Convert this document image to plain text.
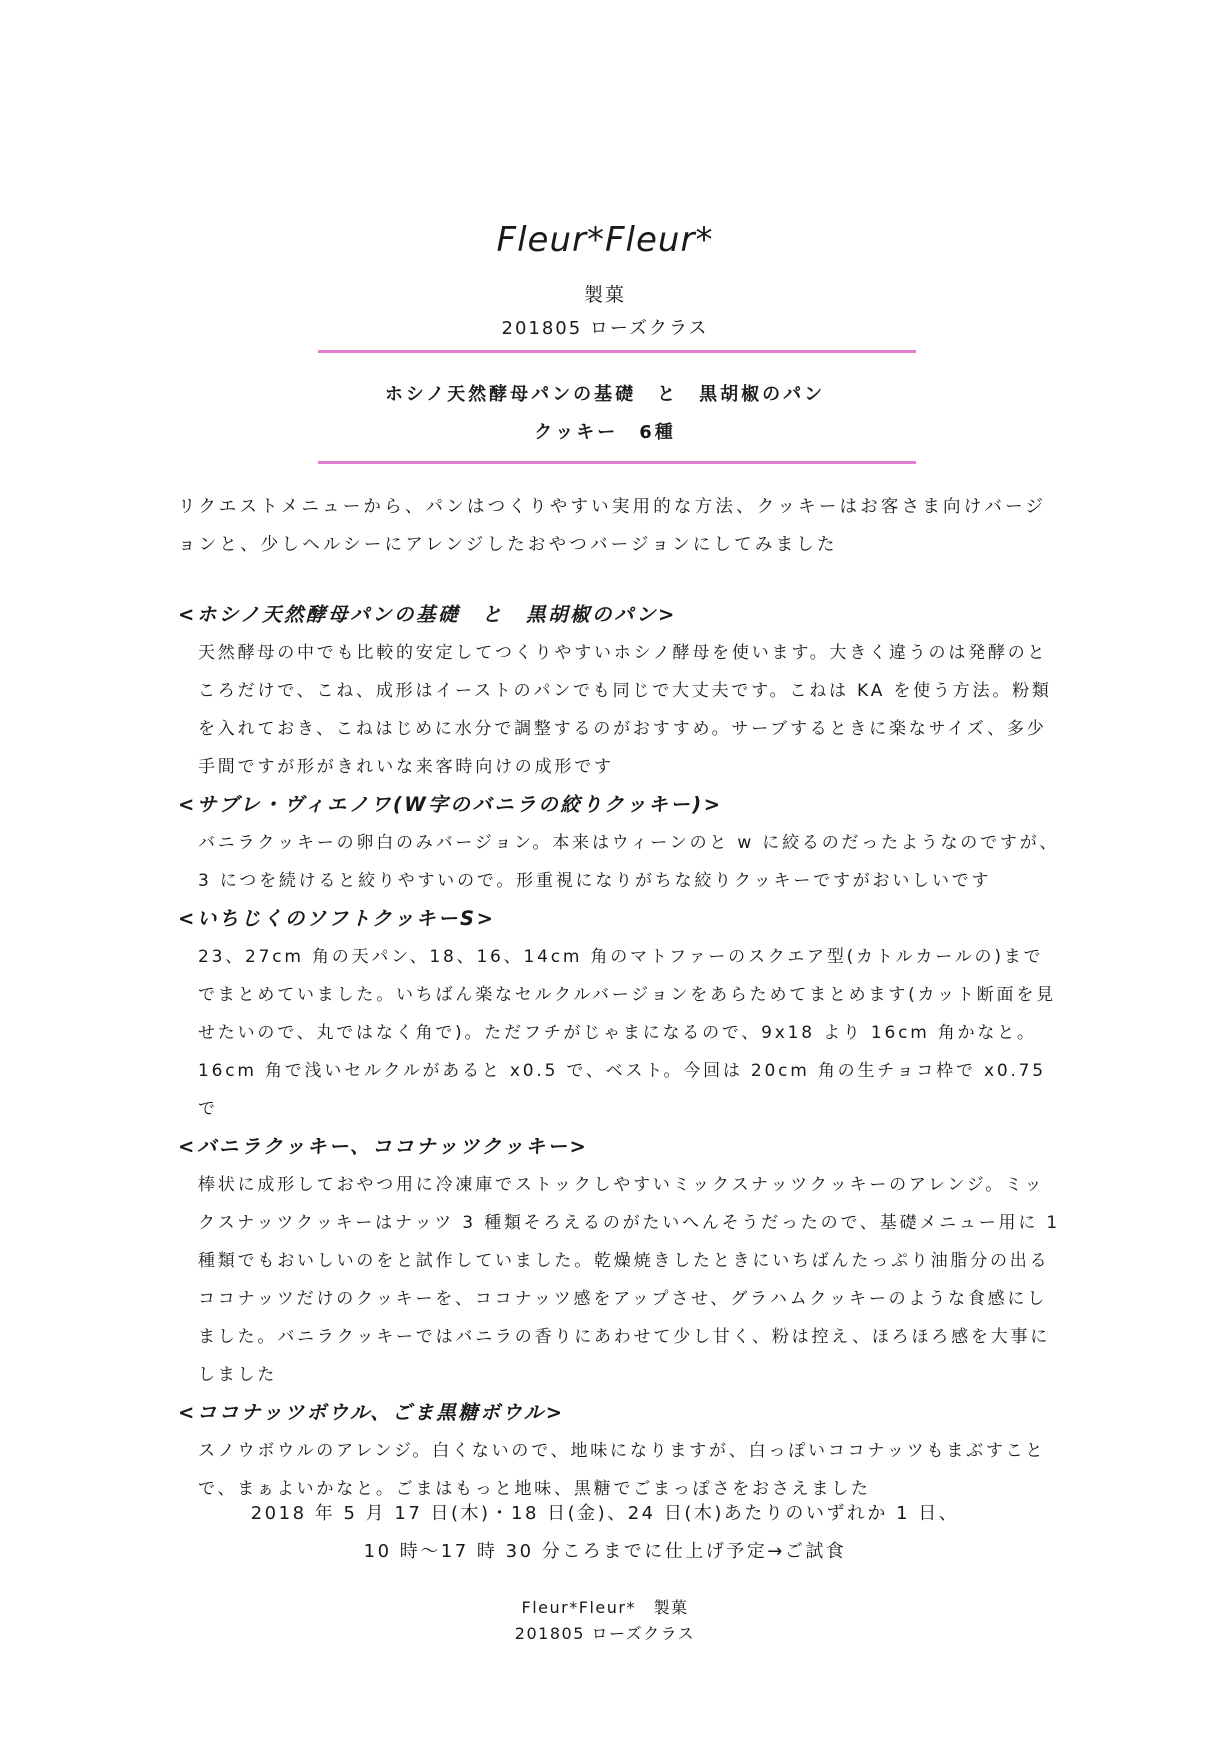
Fleur*Fleur*
製菓
201805 ローズクラス
ホシノ天然酵母パンの基礎　と　黒胡椒のパン
クッキー　6種
リクエストメニューから、パンはつくりやすい実用的な方法、クッキーはお客さま向けバージョンと、少しヘルシーにアレンジしたおやつバージョンにしてみました

<ホシノ天然酵母パンの基礎　と　黒胡椒のパン>

天然酵母の中でも比較的安定してつくりやすいホシノ酵母を使います。大きく違うのは発酵のところだけで、こね、成形はイーストのパンでも同じで大丈夫です。こねは KA を使う方法。粉類を入れておき、こねはじめに水分で調整するのがおすすめ。サーブするときに楽なサイズ、多少手間ですが形がきれいな来客時向けの成形です

<サブレ・ヴィエノワ(W字のバニラの絞りクッキー)>

バニラクッキーの卵白のみバージョン。本来はウィーンのと w に絞るのだったようなのですが、3 につを続けると絞りやすいので。形重視になりがちな絞りクッキーですがおいしいです

<いちじくのソフトクッキーS>

23、27cm 角の天パン、18、16、14cm 角のマトファーのスクエア型(カトルカールの)まででまとめていました。いちばん楽なセルクルバージョンをあらためてまとめます(カット断面を見せたいので、丸ではなく角で)。ただフチがじゃまになるので、9x18 より 16cm 角かなと。16cm 角で浅いセルクルがあると x0.5 で、ベスト。今回は 20cm 角の生チョコ枠で x0.75 で

<バニラクッキー、ココナッツクッキー>

棒状に成形しておやつ用に冷凍庫でストックしやすいミックスナッツクッキーのアレンジ。ミックスナッツクッキーはナッツ 3 種類そろえるのがたいへんそうだったので、基礎メニュー用に 1 種類でもおいしいのをと試作していました。乾燥焼きしたときにいちばんたっぷり油脂分の出るココナッツだけのクッキーを、ココナッツ感をアップさせ、グラハムクッキーのような食感にしました。バニラクッキーではバニラの香りにあわせて少し甘く、粉は控え、ほろほろ感を大事にしました

<ココナッツボウル、ごま黒糖ボウル>

スノウボウルのアレンジ。白くないので、地味になりますが、白っぽいココナッツもまぶすことで、まぁよいかなと。ごまはもっと地味、黒糖でごまっぽさをおさえました

2018 年 5 月 17 日(木)・18 日(金)、24 日(木)あたりのいずれか 1 日、
10 時～17 時 30 分ころまでに仕上げ予定→ご試食
Fleur*Fleur*　製菓
201805 ローズクラス
